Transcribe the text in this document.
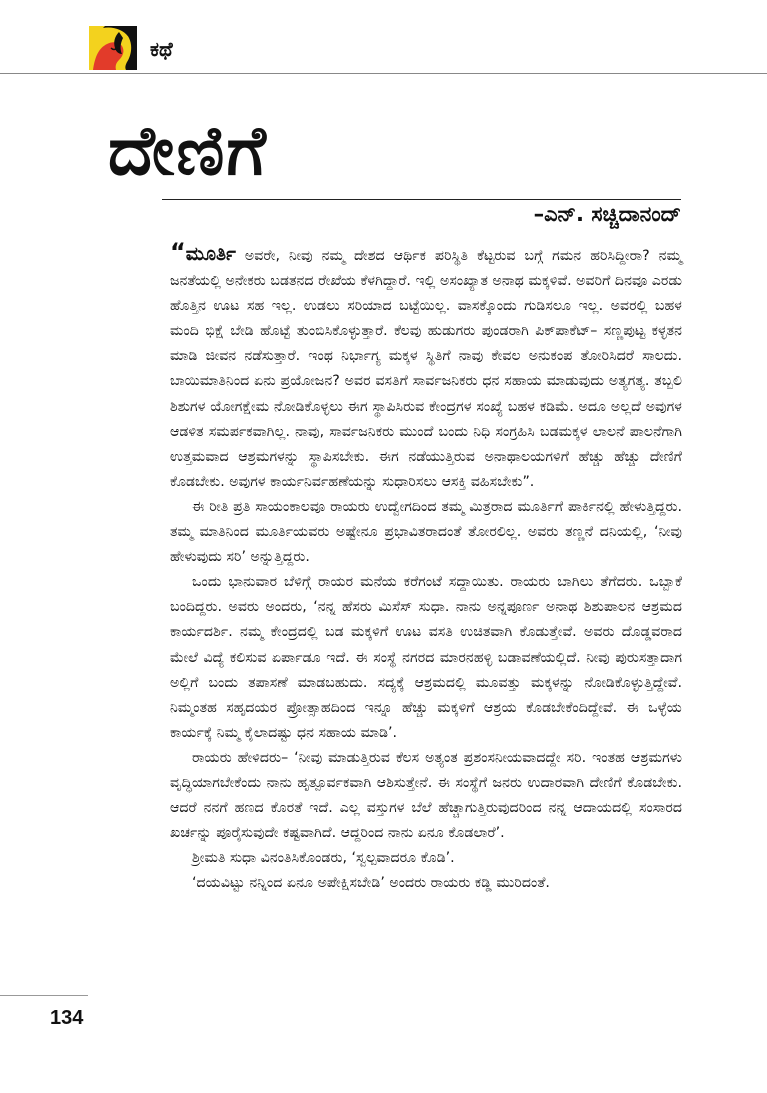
ಕಥೆ
ದೇಣಿಗೆ
–ಎನ್. ಸಚ್ಚಿದಾನಂದ್

“ಮೂರ್ತಿ ಅವರೇ, ನೀವು ನಮ್ಮ ದೇಶದ ಆರ್ಥಿಕ ಪರಿಸ್ಥಿತಿ ಕೆಟ್ಟರುವ ಬಗ್ಗೆ ಗಮನ ಹರಿಸಿದ್ದೀರಾ? ನಮ್ಮ ಜನತೆಯಲ್ಲಿ ಅನೇಕರು ಬಡತನದ ರೇಖೆಯ ಕೆಳಗಿದ್ದಾರೆ. ಇಲ್ಲಿ ಅಸಂಖ್ಯಾತ ಅನಾಥ ಮಕ್ಕಳಿವೆ. ಅವರಿಗೆ ದಿನವೂ ಎರಡು ಹೊತ್ತಿನ ಊಟ ಸಹ ಇಲ್ಲ. ಉಡಲು ಸರಿಯಾದ ಬಟ್ಟೆಯಿಲ್ಲ. ವಾಸಕ್ಕೊಂದು ಗುಡಿಸಲೂ ಇಲ್ಲ. ಅವರಲ್ಲಿ ಬಹಳ ಮಂದಿ ಭಿಕ್ಷೆ ಬೇಡಿ ಹೊಟ್ಟೆ ತುಂಬಿಸಿಕೊಳ್ಳುತ್ತಾರೆ. ಕೆಲವು ಹುಡುಗರು ಪುಂಡರಾಗಿ ಪಿಕ್‌ಪಾಕೆಟ್– ಸಣ್ಣಪುಟ್ಟ ಕಳ್ಳತನ ಮಾಡಿ ಜೀವನ ನಡೆಸುತ್ತಾರೆ. ಇಂಥ ನಿರ್ಭಾಗ್ಯ ಮಕ್ಕಳ ಸ್ಥಿತಿಗೆ ನಾವು ಕೇವಲ ಅನುಕಂಪ ತೋರಿಸಿದರೆ ಸಾಲದು. ಬಾಯಿಮಾತಿನಿಂದ ಏನು ಪ್ರಯೋಜನ? ಅವರ ವಸತಿಗೆ ಸಾರ್ವಜನಿಕರು ಧನ ಸಹಾಯ ಮಾಡುವುದು ಅತ್ಯಗತ್ಯ. ತಬ್ಬಲಿ ಶಿಶುಗಳ ಯೋಗಕ್ಷೇಮ ನೋಡಿಕೊಳ್ಳಲು ಈಗ ಸ್ಥಾಪಿಸಿರುವ ಕೇಂದ್ರಗಳ ಸಂಖ್ಯೆ ಬಹಳ ಕಡಿಮೆ. ಅದೂ ಅಲ್ಲದೆ ಅವುಗಳ ಆಡಳಿತ ಸಮರ್ಪಕವಾಗಿಲ್ಲ. ನಾವು, ಸಾರ್ವಜನಿಕರು ಮುಂದೆ ಬಂದು ನಿಧಿ ಸಂಗ್ರಹಿಸಿ ಬಡಮಕ್ಕಳ ಲಾಲನೆ ಪಾಲನೆಗಾಗಿ ಉತ್ತಮವಾದ ಆಶ್ರಮಗಳನ್ನು ಸ್ಥಾಪಿಸಬೇಕು. ಈಗ ನಡೆಯುತ್ತಿರುವ ಅನಾಥಾಲಯಗಳಿಗೆ ಹೆಚ್ಚು ಹೆಚ್ಚು ದೇಣಿಗೆ ಕೊಡಬೇಕು. ಅವುಗಳ ಕಾರ್ಯನಿರ್ವಹಣೆಯನ್ನು ಸುಧಾರಿಸಲು ಆಸಕ್ತಿ ವಹಿಸಬೇಕು”.

ಈ ರೀತಿ ಪ್ರತಿ ಸಾಯಂಕಾಲವೂ ರಾಯರು ಉದ್ವೇಗದಿಂದ ತಮ್ಮ ಮಿತ್ರರಾದ ಮೂರ್ತಿಗೆ ಪಾರ್ಕಿನಲ್ಲಿ ಹೇಳುತ್ತಿದ್ದರು. ತಮ್ಮ ಮಾತಿನಿಂದ ಮೂರ್ತಿಯವರು ಅಷ್ಟೇನೂ ಪ್ರಭಾವಿತರಾದಂತೆ ತೋರಲಿಲ್ಲ. ಅವರು ತಣ್ಣನೆ ದನಿಯಲ್ಲಿ, ‘ನೀವು ಹೇಳುವುದು ಸರಿ’ ಅನ್ನುತ್ತಿದ್ದರು.

ಒಂದು ಭಾನುವಾರ ಬೆಳಿಗ್ಗೆ ರಾಯರ ಮನೆಯ ಕರೆಗಂಟೆ ಸದ್ದಾಯಿತು. ರಾಯರು ಬಾಗಿಲು ತೆಗೆದರು. ಒಬ್ಬಾಕೆ ಬಂದಿದ್ದರು. ಅವರು ಅಂದರು, ‘ನನ್ನ ಹೆಸರು ಮಿಸೆಸ್ ಸುಧಾ. ನಾನು ಅನ್ನಪೂರ್ಣ ಅನಾಥ ಶಿಶುಪಾಲನ ಆಶ್ರಮದ ಕಾರ್ಯದರ್ಶಿ. ನಮ್ಮ ಕೇಂದ್ರದಲ್ಲಿ ಬಡ ಮಕ್ಕಳಿಗೆ ಊಟ ವಸತಿ ಉಚಿತವಾಗಿ ಕೊಡುತ್ತೇವೆ. ಅವರು ದೊಡ್ಡವರಾದ ಮೇಲೆ ವಿದ್ಯೆ ಕಲಿಸುವ ಏರ್ಪಾಡೂ ಇದೆ. ಈ ಸಂಸ್ಥೆ ನಗರದ ಮಾರನಹಳ್ಳಿ ಬಡಾವಣೆಯಲ್ಲಿದೆ. ನೀವು ಪುರುಸತ್ತಾದಾಗ ಅಲ್ಲಿಗೆ ಬಂದು ತಪಾಸಣೆ ಮಾಡಬಹುದು. ಸದ್ಯಕ್ಕೆ ಆಶ್ರಮದಲ್ಲಿ ಮೂವತ್ತು ಮಕ್ಕಳನ್ನು ನೋಡಿಕೊಳ್ಳುತ್ತಿದ್ದೇವೆ. ನಿಮ್ಮಂತಹ ಸಹೃದಯರ ಪ್ರೋತ್ಸಾಹದಿಂದ ಇನ್ನೂ ಹೆಚ್ಚು ಮಕ್ಕಳಿಗೆ ಆಶ್ರಯ ಕೊಡಬೇಕೆಂದಿದ್ದೇವೆ. ಈ ಒಳ್ಳೆಯ ಕಾರ್ಯಕ್ಕೆ ನಿಮ್ಮ ಕೈಲಾದಷ್ಟು ಧನ ಸಹಾಯ ಮಾಡಿ’.

ರಾಯರು ಹೇಳಿದರು– ‘ನೀವು ಮಾಡುತ್ತಿರುವ ಕೆಲಸ ಅತ್ಯಂತ ಪ್ರಶಂಸನೀಯವಾದದ್ದೇ ಸರಿ. ಇಂತಹ ಆಶ್ರಮಗಳು ವೃದ್ಧಿಯಾಗಬೇಕೆಂದು ನಾನು ಹೃತ್ಪೂರ್ವಕವಾಗಿ ಆಶಿಸುತ್ತೇನೆ. ಈ ಸಂಸ್ಥೆಗೆ ಜನರು ಉದಾರವಾಗಿ ದೇಣಿಗೆ ಕೊಡಬೇಕು. ಆದರೆ ನನಗೆ ಹಣದ ಕೊರತೆ ಇದೆ. ಎಲ್ಲ ವಸ್ತುಗಳ ಬೆಲೆ ಹೆಚ್ಚಾಗುತ್ತಿರುವುದರಿಂದ ನನ್ನ ಆದಾಯದಲ್ಲಿ ಸಂಸಾರದ ಖರ್ಚನ್ನು ಪೂರೈಸುವುದೇ ಕಷ್ಟವಾಗಿದೆ. ಆದ್ದರಿಂದ ನಾನು ಏನೂ ಕೊಡಲಾರೆ’.

ಶ್ರೀಮತಿ ಸುಧಾ ವಿನಂತಿಸಿಕೊಂಡರು, ‘ಸ್ವಲ್ಪವಾದರೂ ಕೊಡಿ’.

‘ದಯವಿಟ್ಟು ನನ್ನಿಂದ ಏನೂ ಅಪೇಕ್ಷಿಸಬೇಡಿ’ ಅಂದರು ರಾಯರು ಕಡ್ಡಿ ಮುರಿದಂತೆ.

134
